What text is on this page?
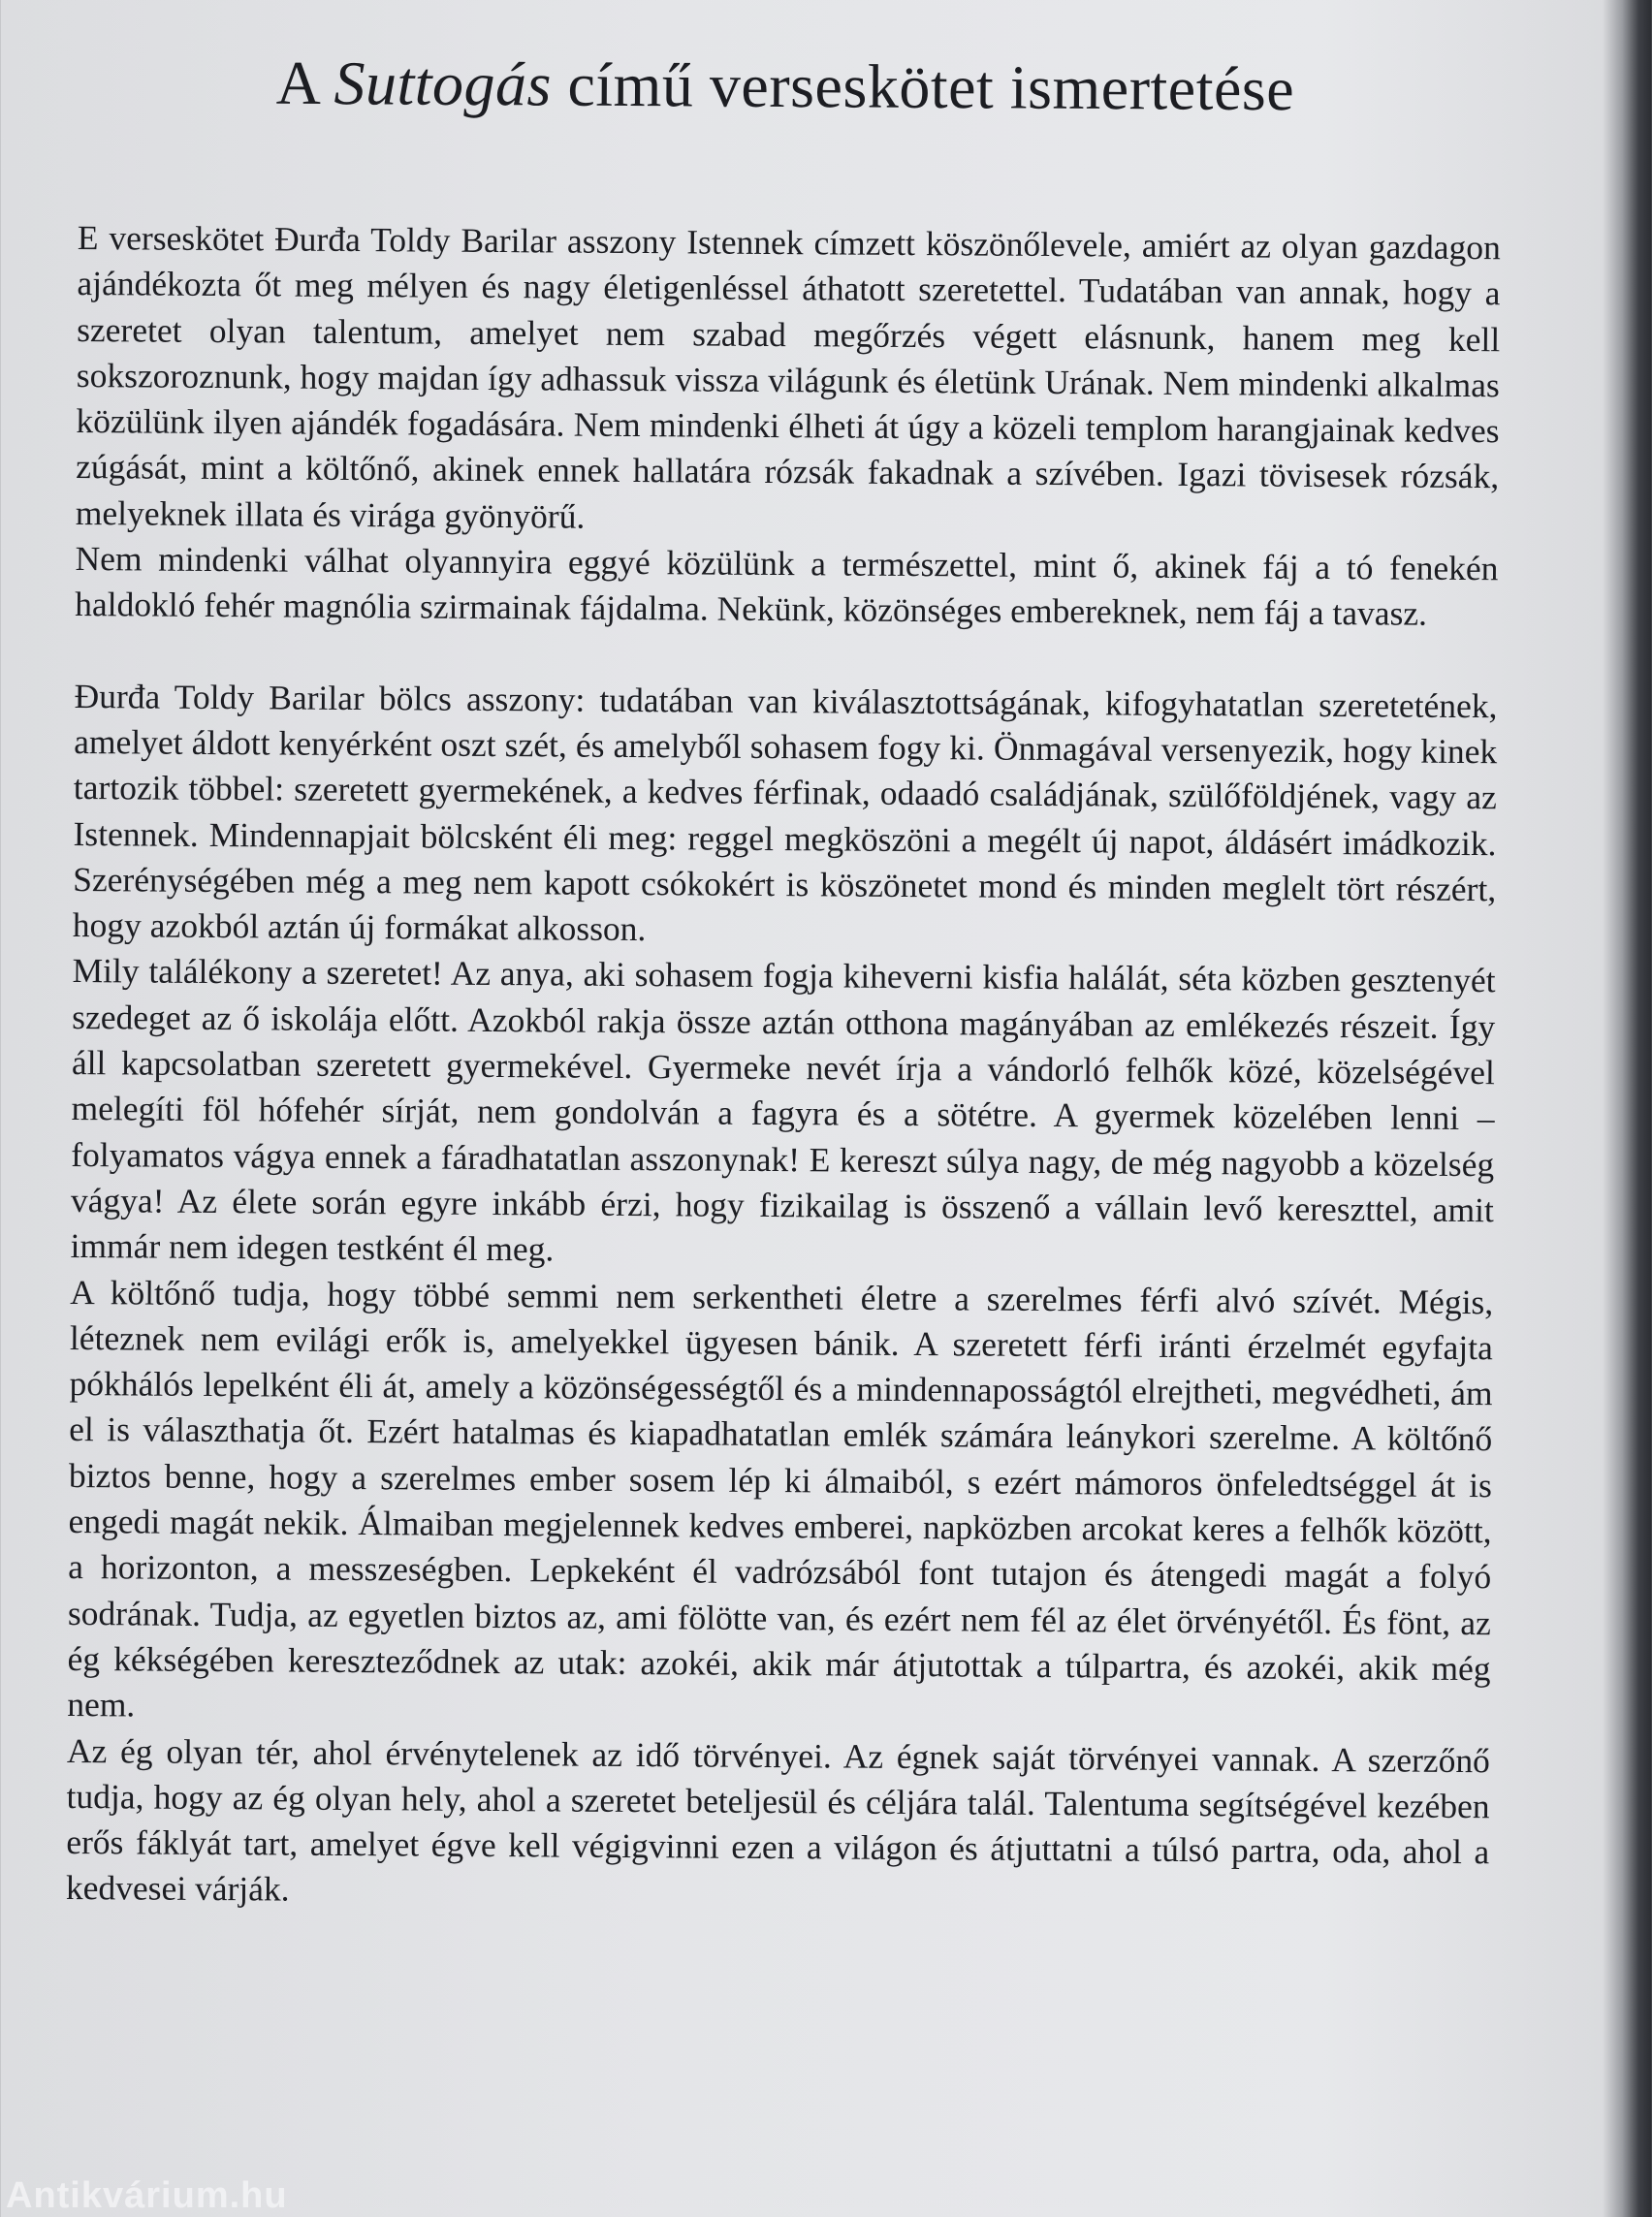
A Suttogás című verseskötet ismertetése

E verseskötet Đurđa Toldy Barilar asszony Istennek címzett köszönőlevele, amiért az olyan gazdagon ajándékozta őt meg mélyen és nagy életigenléssel áthatott szeretettel. Tudatában van annak, hogy a szeretet olyan talentum, amelyet nem szabad megőrzés végett elásnunk, hanem meg kell sokszoroznunk, hogy majdan így adhassuk vissza világunk és életünk Urának. Nem mindenki alkalmas közülünk ilyen ajándék fogadására. Nem mindenki élheti át úgy a közeli templom harangjainak kedves zúgását, mint a költőnő, akinek ennek hallatára rózsák fakadnak a szívében. Igazi tövisesek rózsák, melyeknek illata és virága gyönyörű.

Nem mindenki válhat olyannyira eggyé közülünk a természettel, mint ő, akinek fáj a tó fenekén haldokló fehér magnólia szirmainak fájdalma. Nekünk, közönséges embereknek, nem fáj a tavasz.

Đurđa Toldy Barilar bölcs asszony: tudatában van kiválasztottságának, kifogyhatatlan szeretetének, amelyet áldott kenyérként oszt szét, és amelyből sohasem fogy ki. Önmagával versenyezik, hogy kinek tartozik többel: szeretett gyermekének, a kedves férfinak, odaadó családjának, szülőföldjének, vagy az Istennek. Mindennapjait bölcsként éli meg: reggel megköszöni a megélt új napot, áldásért imádkozik. Szerénységében még a meg nem kapott csókokért is köszönetet mond és minden meglelt tört részért, hogy azokból aztán új formákat alkosson.

Mily találékony a szeretet! Az anya, aki sohasem fogja kiheverni kisfia halálát, séta közben gesztenyét szedeget az ő iskolája előtt. Azokból rakja össze aztán otthona magányában az emlékezés részeit. Így áll kapcsolatban szeretett gyermekével. Gyermeke nevét írja a vándorló felhők közé, közelségével melegíti föl hófehér sírját, nem gondolván a fagyra és a sötétre. A gyermek közelében lenni – folyamatos vágya ennek a fáradhatatlan asszonynak! E kereszt súlya nagy, de még nagyobb a közelség vágya! Az élete során egyre inkább érzi, hogy fizikailag is összenő a vállain levő kereszttel, amit immár nem idegen testként él meg.

A költőnő tudja, hogy többé semmi nem serkentheti életre a szerelmes férfi alvó szívét. Mégis, léteznek nem evilági erők is, amelyekkel ügyesen bánik. A szeretett férfi iránti érzelmét egyfajta pókhálós lepelként éli át, amely a közönségességtől és a mindennaposságtól elrejtheti, megvédheti, ám el is választhatja őt. Ezért hatalmas és kiapadhatatlan emlék számára leánykori szerelme. A költőnő biztos benne, hogy a szerelmes ember sosem lép ki álmaiból, s ezért mámoros önfeledtséggel át is engedi magát nekik. Álmaiban megjelennek kedves emberei, napközben arcokat keres a felhők között, a horizonton, a messzeségben. Lepkeként él vadrózsából font tutajon és átengedi magát a folyó sodrának. Tudja, az egyetlen biztos az, ami fölötte van, és ezért nem fél az élet örvényétől. És fönt, az ég kékségében kereszteződnek az utak: azokéi, akik már átjutottak a túlpartra, és azokéi, akik még nem.

Az ég olyan tér, ahol érvénytelenek az idő törvényei. Az égnek saját törvényei vannak. A szerzőnő tudja, hogy az ég olyan hely, ahol a szeretet beteljesül és céljára talál. Talentuma segítségével kezében erős fáklyát tart, amelyet égve kell végigvinni ezen a világon és átjuttatni a túlsó partra, oda, ahol a kedvesei várják.

Antikvárium.hu
